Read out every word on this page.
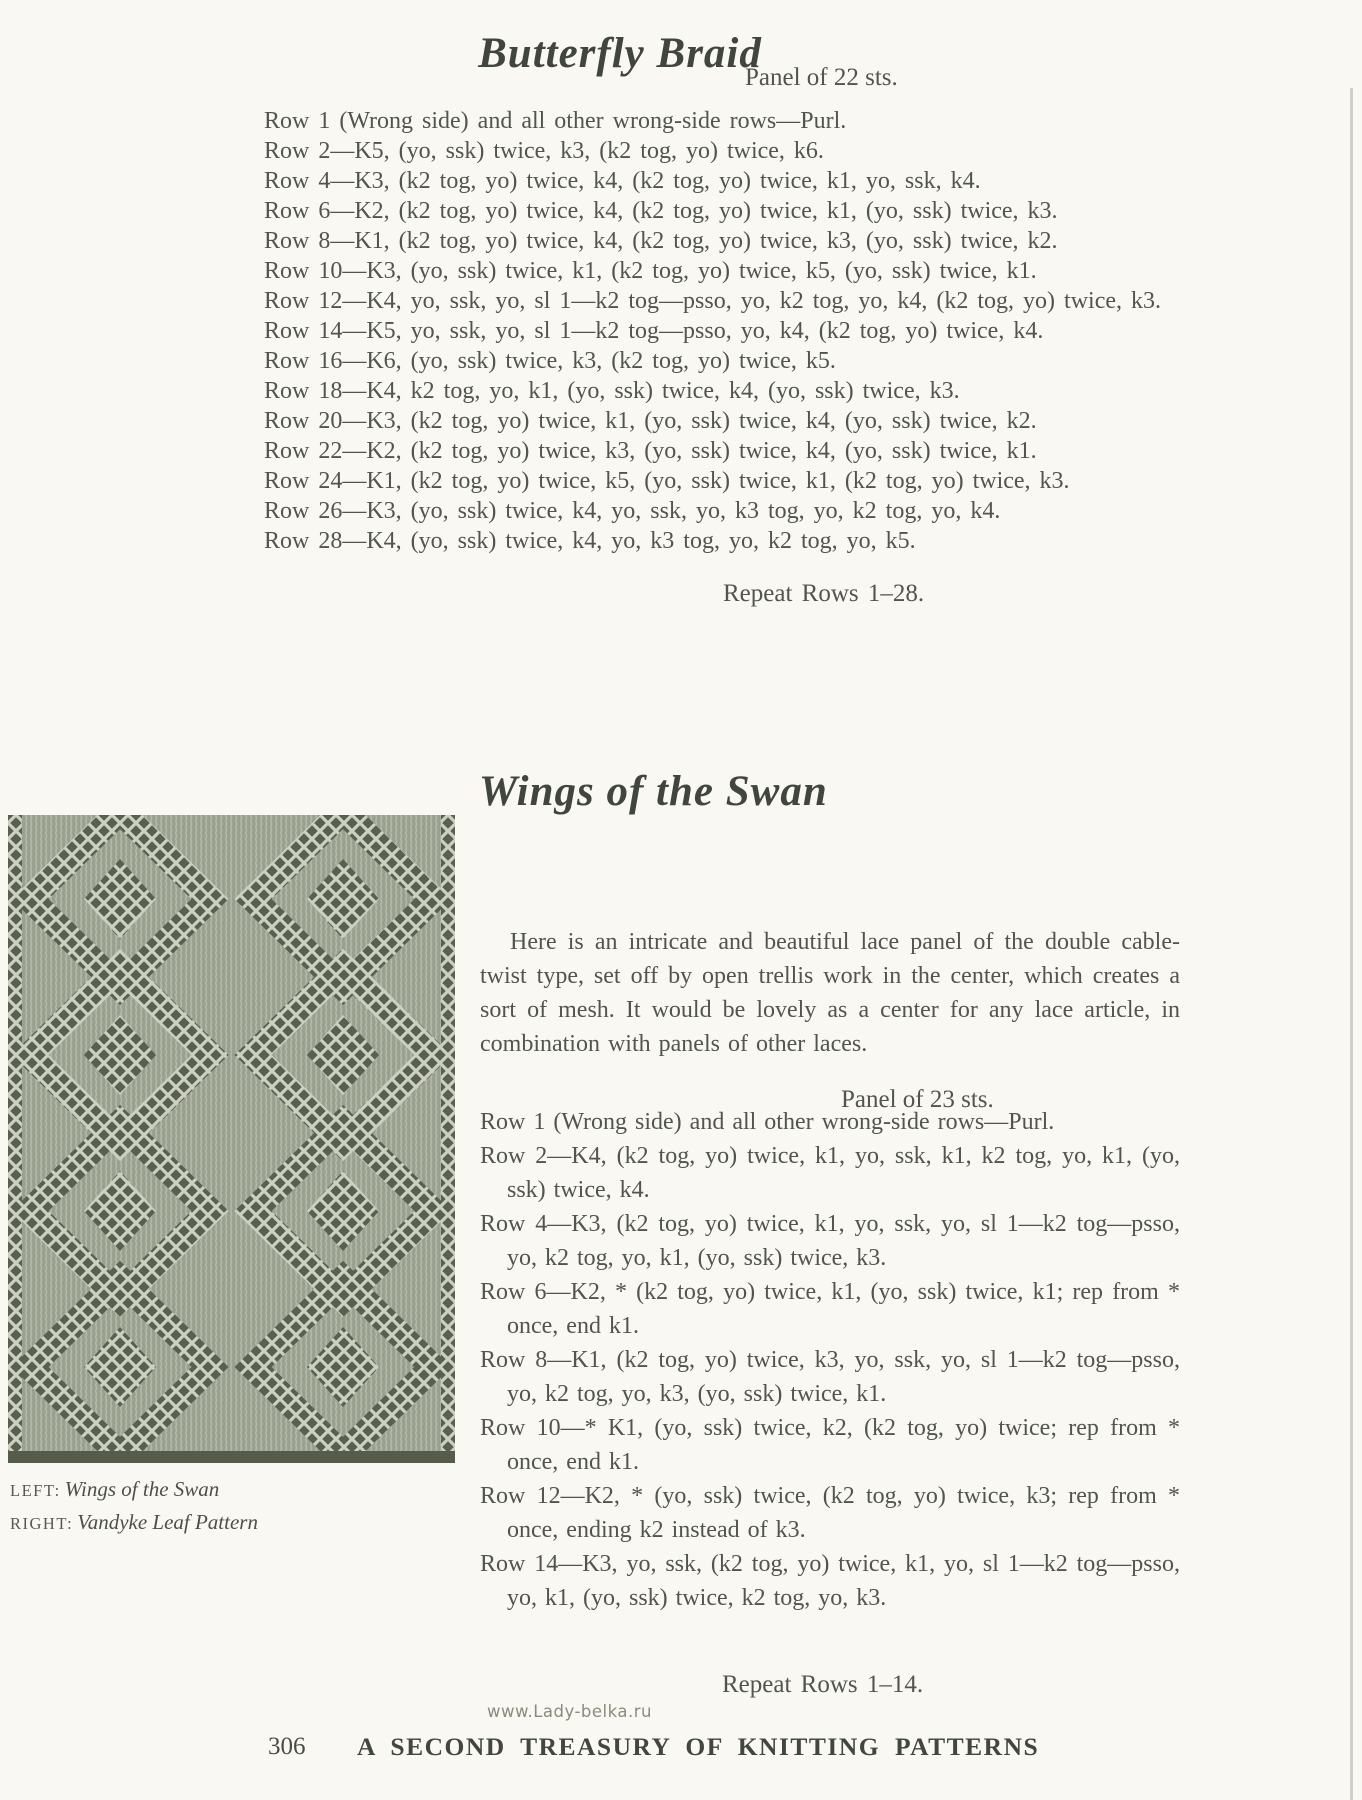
Butterfly Braid
Panel of 22 sts.
Row 1 (Wrong side) and all other wrong-side rows—Purl.
Row 2—K5, (yo, ssk) twice, k3, (k2 tog, yo) twice, k6.
Row 4—K3, (k2 tog, yo) twice, k4, (k2 tog, yo) twice, k1, yo, ssk, k4.
Row 6—K2, (k2 tog, yo) twice, k4, (k2 tog, yo) twice, k1, (yo, ssk) twice, k3.
Row 8—K1, (k2 tog, yo) twice, k4, (k2 tog, yo) twice, k3, (yo, ssk) twice, k2.
Row 10—K3, (yo, ssk) twice, k1, (k2 tog, yo) twice, k5, (yo, ssk) twice, k1.
Row 12—K4, yo, ssk, yo, sl 1—k2 tog—psso, yo, k2 tog, yo, k4, (k2 tog, yo) twice, k3.
Row 14—K5, yo, ssk, yo, sl 1—k2 tog—psso, yo, k4, (k2 tog, yo) twice, k4.
Row 16—K6, (yo, ssk) twice, k3, (k2 tog, yo) twice, k5.
Row 18—K4, k2 tog, yo, k1, (yo, ssk) twice, k4, (yo, ssk) twice, k3.
Row 20—K3, (k2 tog, yo) twice, k1, (yo, ssk) twice, k4, (yo, ssk) twice, k2.
Row 22—K2, (k2 tog, yo) twice, k3, (yo, ssk) twice, k4, (yo, ssk) twice, k1.
Row 24—K1, (k2 tog, yo) twice, k5, (yo, ssk) twice, k1, (k2 tog, yo) twice, k3.
Row 26—K3, (yo, ssk) twice, k4, yo, ssk, yo, k3 tog, yo, k2 tog, yo, k4.
Row 28—K4, (yo, ssk) twice, k4, yo, k3 tog, yo, k2 tog, yo, k5.
Repeat Rows 1–28.
Wings of the Swan

Here is an intricate and beautiful lace panel of the double cable-twist type, set off by open trellis work in the center, which creates a sort of mesh. It would be lovely as a center for any lace article, in combination with panels of other laces.

Row 1 (Wrong side) and all other wrong-side rows—Purl.

Row 2—K4, (k2 tog, yo) twice, k1, yo, ssk, k1, k2 tog, yo, k1, (yo, ssk) twice, k4.

Row 4—K3, (k2 tog, yo) twice, k1, yo, ssk, yo, sl 1—k2 tog—psso, yo, k2 tog, yo, k1, (yo, ssk) twice, k3.

Row 6—K2, * (k2 tog, yo) twice, k1, (yo, ssk) twice, k1; rep from * once, end k1.

Row 8—K1, (k2 tog, yo) twice, k3, yo, ssk, yo, sl 1—k2 tog—psso, yo, k2 tog, yo, k3, (yo, ssk) twice, k1.

Row 10—* K1, (yo, ssk) twice, k2, (k2 tog, yo) twice; rep from * once, end k1.

Row 12—K2, * (yo, ssk) twice, (k2 tog, yo) twice, k3; rep from * once, ending k2 instead of k3.

Row 14—K3, yo, ssk, (k2 tog, yo) twice, k1, yo, sl 1—k2 tog—psso, yo, k1, (yo, ssk) twice, k2 tog, yo, k3.

Panel of 23 sts.
Repeat Rows 1–14.
LEFT: Wings of the Swan
RIGHT: Vandyke Leaf Pattern
www.Lady-belka.ru
306 A SECOND TREASURY OF KNITTING PATTERNS
